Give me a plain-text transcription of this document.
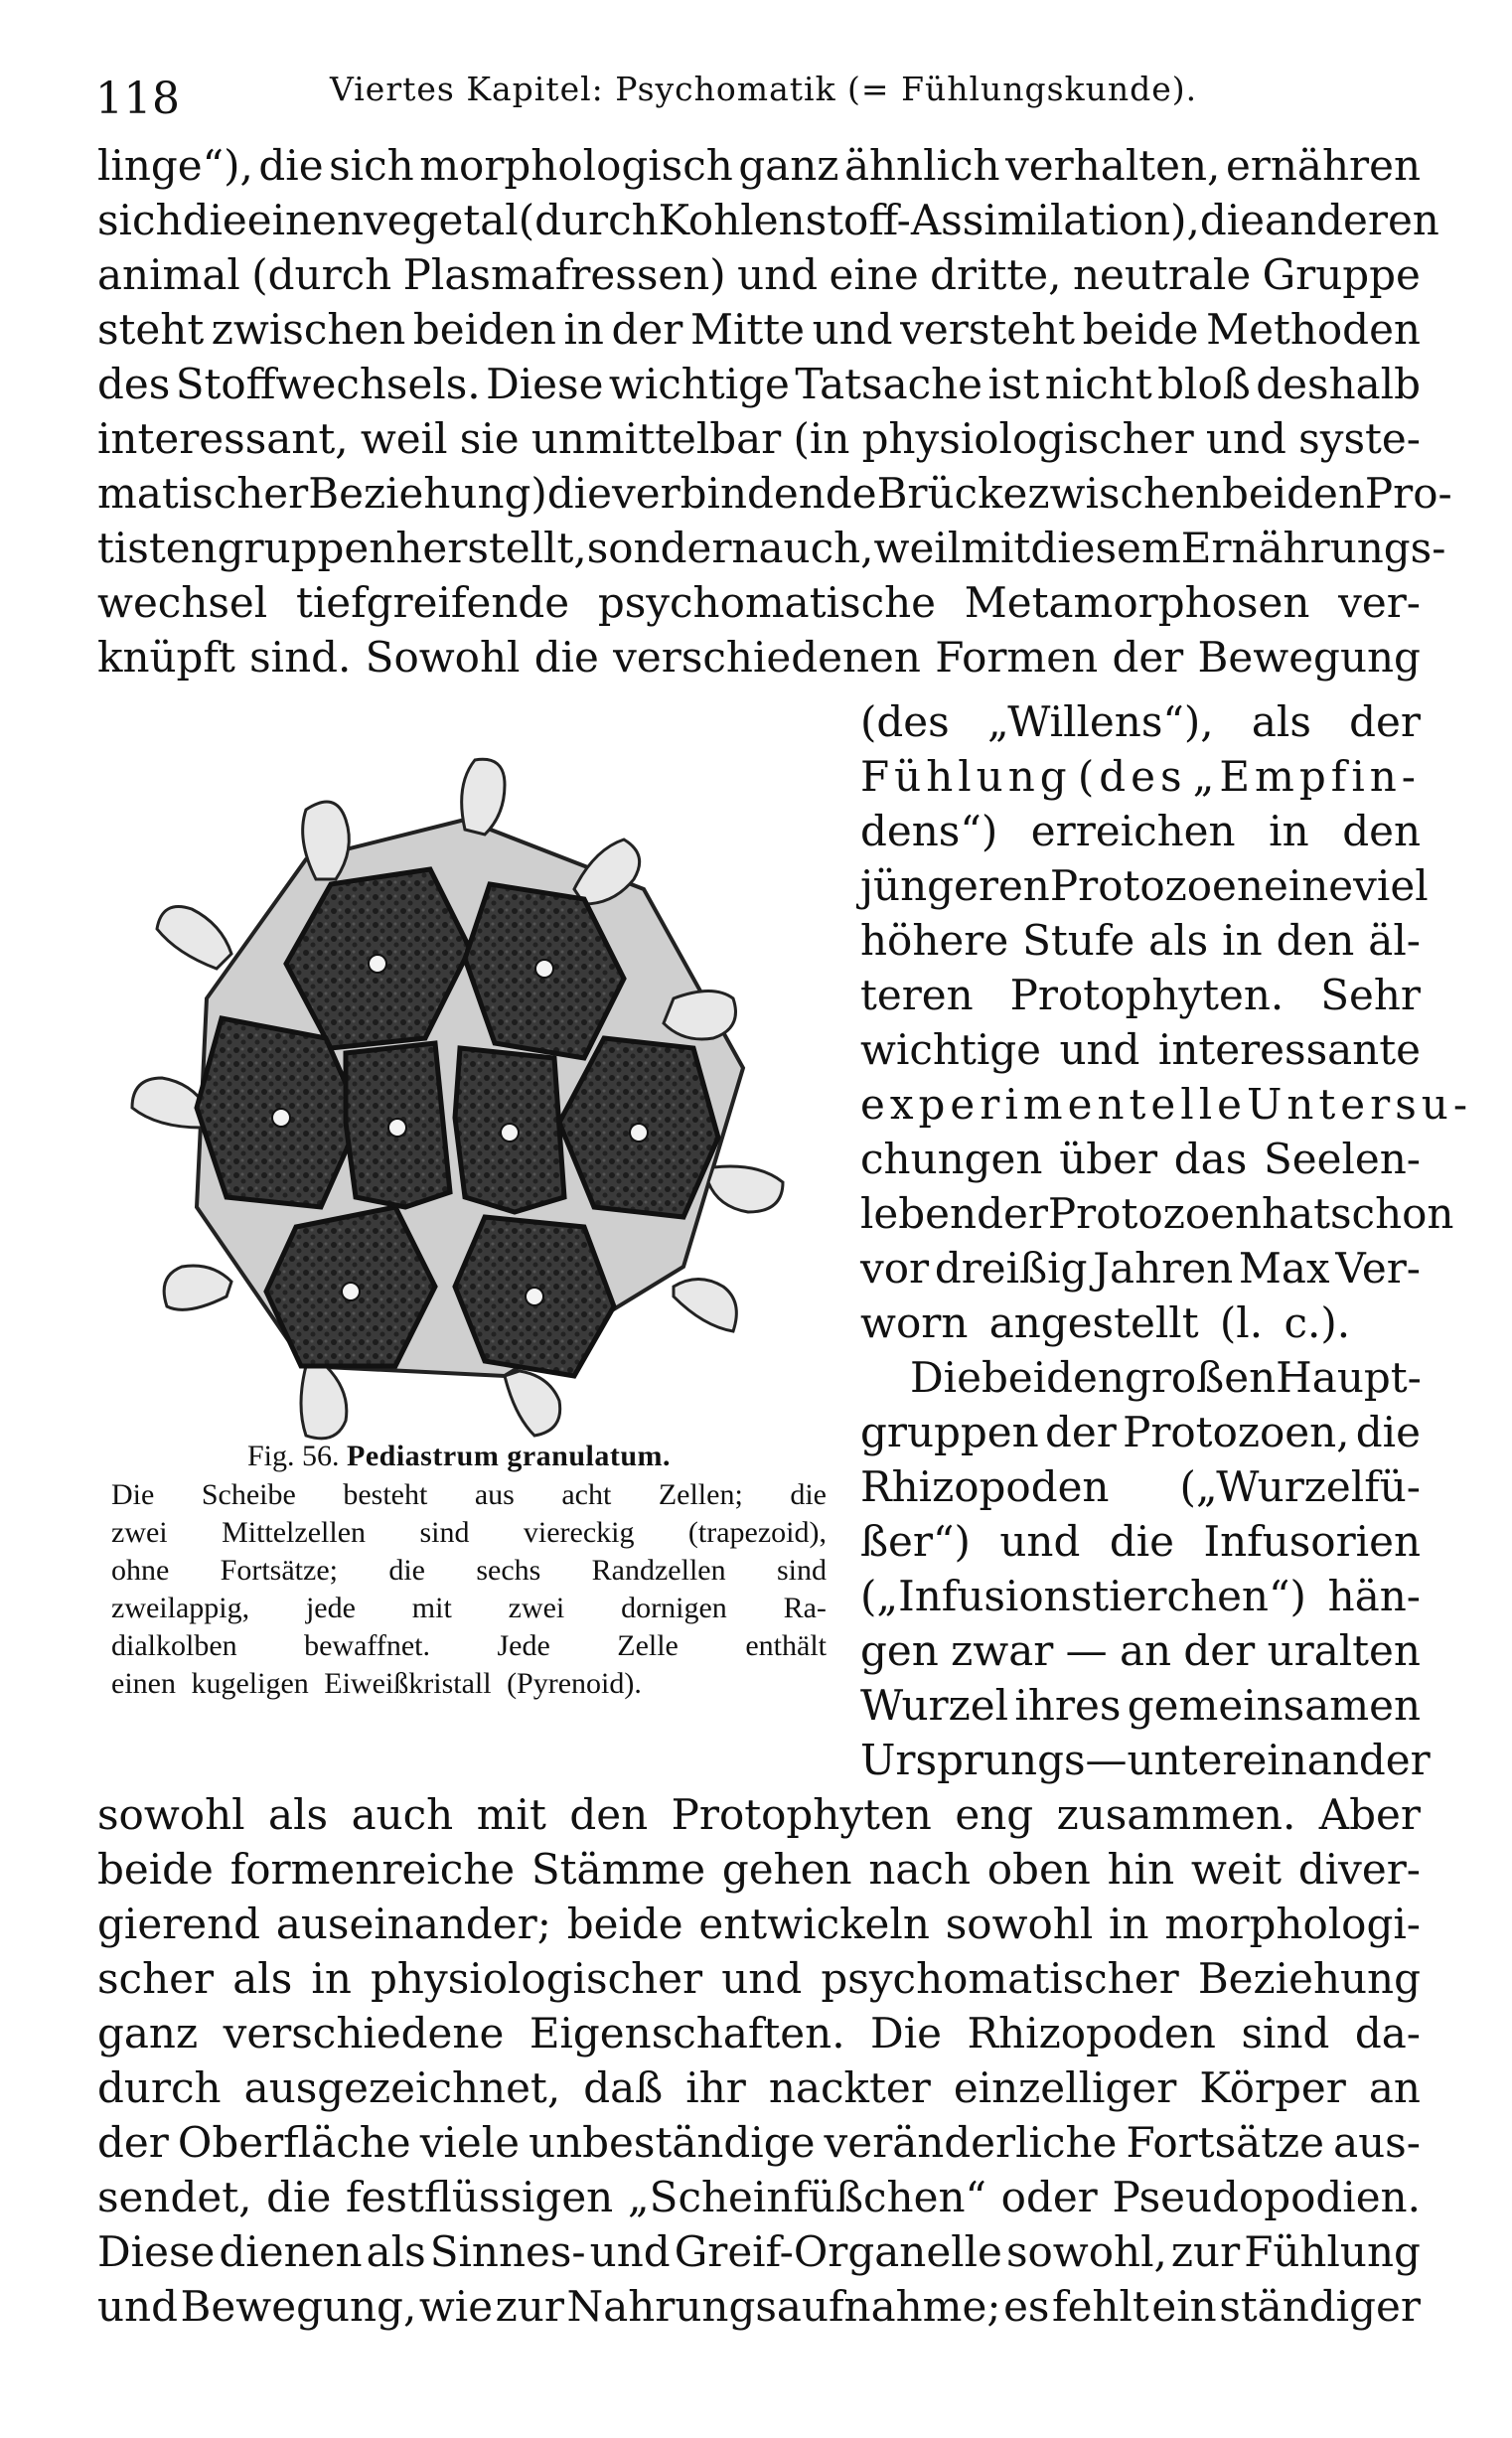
118	Viertes Kapitel: Psychomatik (= Fühlungskunde).
linge“), die sich morphologisch ganz ähnlich verhalten, ernähren
sich die einen vegetal (durch Kohlenstoff-Assimilation), die anderen
animal (durch Plasmafressen) und eine dritte, neutrale Gruppe
steht zwischen beiden in der Mitte und versteht beide Methoden
des Stoffwechsels. Diese wichtige Tatsache ist nicht bloß deshalb
interessant, weil sie unmittelbar (in physiologischer und syste-
matischer Beziehung) die verbindende Brücke zwischen beiden Pro-
tistengruppen herstellt, sondern auch, weil mit diesem Ernährungs-
wechsel tiefgreifende psychomatische Metamorphosen ver-
knüpft sind. Sowohl die verschiedenen Formen der Bewegung
(des „Willens“), als der
Fühlung (des „Empfin-
dens“) erreichen in den
jüngeren Protozoen eine viel
höhere Stufe als in den äl-
teren Protophyten. Sehr
wichtige und interessante
experimentelle Untersu-
chungen über das Seelen-
leben der Protozoen hat schon
vor dreißig Jahren Max Ver-
worn angestellt (l. c.).
Die beiden großen Haupt-
gruppen der Protozoen, die
Rhizopoden („Wurzelfü-
ßer“) und die Infusorien
(„Infusionstierchen“) hän-
gen zwar — an der uralten
Wurzel ihres gemeinsamen
Ursprungs — untereinander
Fig. 56. Pediastrum granulatum.
Die Scheibe besteht aus acht Zellen; die
zwei Mittelzellen sind viereckig (trapezoid),
ohne Fortsätze; die sechs Randzellen sind
zweilappig, jede mit zwei dornigen Ra-
dialkolben bewaffnet. Jede Zelle enthält
einen kugeligen Eiweißkristall (Pyrenoid).
sowohl als auch mit den Protophyten eng zusammen. Aber
beide formenreiche Stämme gehen nach oben hin weit diver-
gierend auseinander; beide entwickeln sowohl in morphologi-
scher als in physiologischer und psychomatischer Beziehung
ganz verschiedene Eigenschaften. Die Rhizopoden sind da-
durch ausgezeichnet, daß ihr nackter einzelliger Körper an
der Oberfläche viele unbeständige veränderliche Fortsätze aus-
sendet, die festflüssigen „Scheinfüßchen“ oder Pseudopodien.
Diese dienen als Sinnes- und Greif-Organelle sowohl, zur Fühlung
und Bewegung, wie zur Nahrungsaufnahme; es fehlt ein ständiger
